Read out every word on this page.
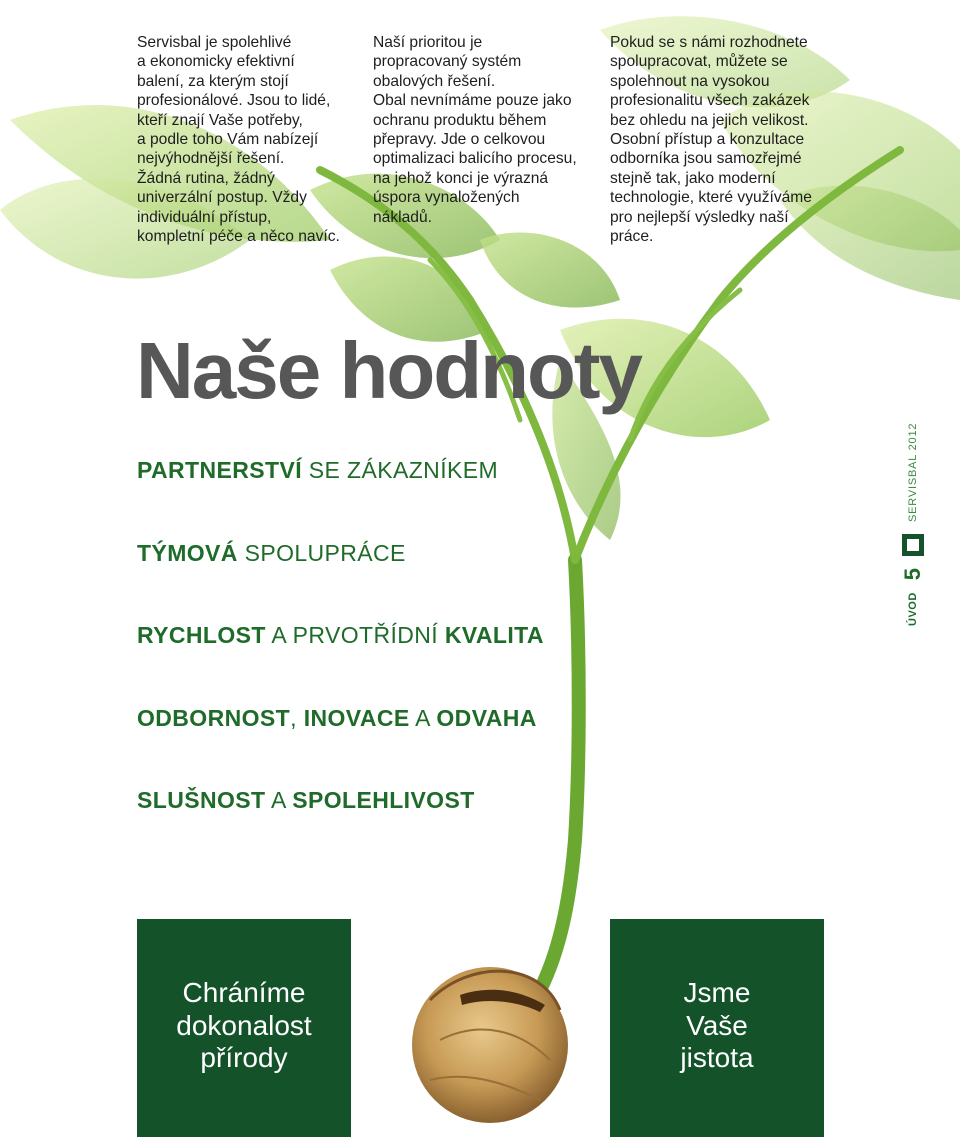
Servisbal je spolehlivé
a ekonomicky efektivní
balení, za kterým stojí
profesionálové. Jsou to lidé,
kteří znají Vaše potřeby,
a podle toho Vám nabízejí
nejvýhodnější řešení.
Žádná rutina, žádný
univerzální postup. Vždy
individuální přístup,
kompletní péče a něco navíc.

Naší prioritou je
propracovaný systém
obalových řešení.
Obal nevnímáme pouze jako
ochranu produktu během
přepravy. Jde o celkovou
optimalizaci balicího procesu,
na jehož konci je výrazná
úspora vynaložených
nákladů.

Pokud se s námi rozhodnete
spolupracovat, můžete se
spolehnout na vysokou
profesionalitu všech zakázek
bez ohledu na jejich velikost.
Osobní přístup a konzultace
odborníka jsou samozřejmé
stejně tak, jako moderní
technologie, které využíváme
pro nejlepší výsledky naší
práce.

Naše hodnoty
PARTNERSTVÍ SE ZÁKAZNÍKEM
TÝMOVÁ SPOLUPRÁCE
RYCHLOST A PRVOTŘÍDNÍ KVALITA
ODBORNOST, INOVACE A ODVAHA
SLUŠNOST A SPOLEHLIVOST

Chráníme
dokonalost
přírody

Jsme
Vaše
jistota

ÚVOD
5
SERVISBAL 2012
